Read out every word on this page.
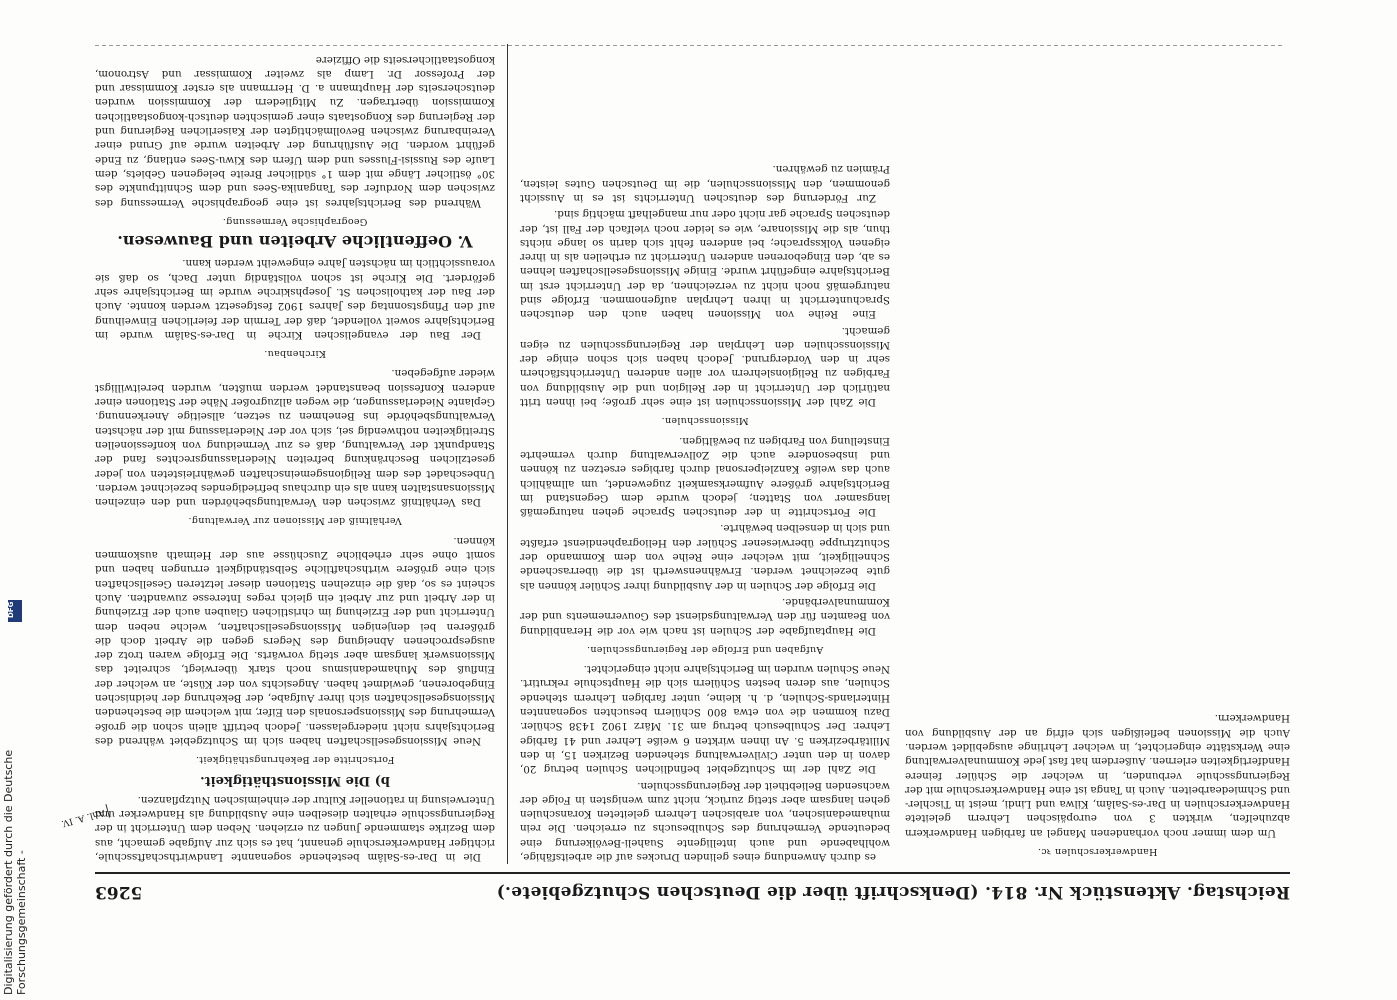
Reichstag. Aktenstück Nr. 814. (Denkschrift über die Deutschen Schutzgebiete.)
5263

Die in Dar-es-Salâm bestehende sogenannte Landwirthschaftsschule, richtiger Handwerkerschule genannt, hat es sich zur Aufgabe gemacht, aus dem Bezirke stammende Jungen zu erziehen. Neben dem Unterricht in der Regierungsschule erhalten dieselben eine Ausbildung als Handwerker und Unterweisung in rationeller Kultur der einheimischen Nutzpflanzen.

b) Die Missionsthätigkeit.
Fortschritte der Bekehrungsthätigkeit.

Neue Missionsgesellschaften haben sich im Schutzgebiet während des Berichtsjahrs nicht niedergelassen. Jedoch betrifft allein schon die große Vermehrung des Missionspersonals den Eifer, mit welchem die bestehenden Missionsgesellschaften sich ihrer Aufgabe, der Bekehrung der heidnischen Eingeborenen, gewidmet haben. Angesichts von der Küste, an welcher der Einfluß des Muhamedanismus noch stark überwiegt, schreitet das Missionswerk langsam aber stetig vorwärts. Die Erfolge waren trotz der ausgesprochenen Abneigung des Negers gegen die Arbeit doch die größeren bei denjenigen Missionsgesellschaften, welche neben dem Unterricht und der Erziehung im christlichen Glauben auch der Erziehung in der Arbeit und zur Arbeit ein gleich reges Interesse zuwandten. Auch scheint es so, daß die einzelnen Stationen dieser letzteren Gesellschaften sich eine größere wirthschaftliche Selbständigkeit errungen haben und somit ohne sehr erhebliche Zuschüsse aus der Heimath auskommen können.

Verhältniß der Missionen zur Verwaltung.

Das Verhältniß zwischen den Verwaltungsbehörden und den einzelnen Missionsanstalten kann als ein durchaus befriedigendes bezeichnet werden. Unbeschadet des dem Religionsgemeinschaften gewährleisteten von jeder gesetzlichen Beschränkung befreiten Niederlassungsrechtes fand der Standpunkt der Verwaltung, daß es zur Vermeidung von konfessionellen Streitigkeiten nothwendig sei, sich vor der Niederlassung mit der nächsten Verwaltungsbehörde ins Benehmen zu setzen, allseitige Anerkennung. Geplante Niederlassungen, die wegen allzugroßer Nähe der Stationen einer anderen Konfession beanstandet werden mußten, wurden bereitwilligst wieder aufgegeben.

Kirchenbau.

Der Bau der evangelischen Kirche in Dar-es-Salâm wurde im Berichtsjahre soweit vollendet, daß der Termin der feierlichen Einweihung auf den Pfingstsonntag des Jahres 1902 festgesetzt werden konnte. Auch der Bau der katholischen St. Josephskirche wurde im Berichtsjahre sehr gefördert. Die Kirche ist schon vollständig unter Dach, so daß sie voraussichtlich im nächsten Jahre eingeweiht werden kann.

V. Oeffentliche Arbeiten und Bauwesen.
Geographische Vermessung.

Während des Berichtsjahres ist eine geographische Vermessung des zwischen dem Nordufer des Tanganika-Sees und dem Schnittpunkte des 30° östlicher Länge mit dem 1° südlicher Breite belegenen Gebiets, dem Laufe des Russisi-Flusses und dem Ufern des Kiwu-Sees entlang, zu Ende geführt worden. Die Ausführung der Arbeiten wurde auf Grund einer Vereinbarung zwischen Bevollmächtigten der Kaiserlichen Regierung und der Regierung des Kongostaats einer gemischten deutsch-kongostaatlichen Kommission übertragen. Zu Mitgliedern der Kommission wurden deutscherseits der Hauptmann a. D. Herrmann als erster Kommissar und der Professor Dr. Lamp als zweiter Kommissar und Astronom, kongostaatlicherseits die Offiziere

Anl. A. IV.

es durch Anwendung eines gelinden Druckes auf die arbeitsfähige, wohlhabende und auch intelligente Suaheli-Bevölkerung eine bedeutende Vermehrung des Schulbesuchs zu erreichen. Die rein muhamedanischen, von arabischen Lehrern geleiteten Koranschulen gehen langsam aber stetig zurück, nicht zum wenigsten in Folge der wachsenden Beliebtheit der Regierungsschulen.

Die Zahl der im Schutzgebiet befindlichen Schulen betrug 20, davon in den unter Civilverwaltung stehenden Bezirken 15, in den Militärbezirken 5. An ihnen wirkten 6 weiße Lehrer und 41 farbige Lehrer. Der Schulbesuch betrug am 31. März 1902 1438 Schüler. Dazu kommen die von etwa 800 Schülern besuchten sogenannten Hinterlands-Schulen, d. h. kleine, unter farbigen Lehrern stehende Schulen, aus deren besten Schülern sich die Hauptschule rekrutirt. Neue Schulen wurden im Berichtsjahre nicht eingerichtet.

Aufgaben und Erfolge der Regierungsschulen.

Die Hauptaufgabe der Schulen ist nach wie vor die Heranbildung von Beamten für den Verwaltungsdienst des Gouvernements und der Kommunalverbände.

Die Erfolge der Schulen in der Ausbildung ihrer Schüler können als gute bezeichnet werden. Erwähnenswerth ist die überraschende Schnelligkeit, mit welcher eine Reihe von dem Kommando der Schutztruppe überwiesener Schüler den Heliographendienst erfaßte und sich in denselben bewährte.

Die Fortschritte in der deutschen Sprache gehen naturgemäß langsamer von Statten; jedoch wurde dem Gegenstand im Berichtsjahre größere Aufmerksamkeit zugewendet, um allmählich auch das weiße Kanzleipersonal durch farbiges ersetzen zu können und insbesondere auch die Zollverwaltung durch vermehrte Einstellung von Farbigen zu bewältigen.

Missionsschulen.

Die Zahl der Missionsschulen ist eine sehr große; bei ihnen tritt natürlich der Unterricht in der Religion und die Ausbildung von Farbigen zu Religionslehrern vor allen anderen Unterrichtsfächern sehr in den Vordergrund. Jedoch haben sich schon einige der Missionsschulen den Lehrplan der Regierungsschulen zu eigen gemacht.

Eine Reihe von Missionen haben auch den deutschen Sprachunterricht in ihren Lehrplan aufgenommen. Erfolge sind naturgemäß noch nicht zu verzeichnen, da der Unterricht erst im Berichtsjahre eingeführt wurde. Einige Missionsgesellschaften lehnen es ab, den Eingeborenen anderen Unterricht zu ertheilen als in ihrer eigenen Volkssprache; bei anderen fehlt sich darin so lange nichts thun, als die Missionare, wie es leider noch vielfach der Fall ist, der deutschen Sprache gar nicht oder nur mangelhaft mächtig sind.

Zur Förderung des deutschen Unterrichts ist es in Aussicht genommen, den Missionsschulen, die im Deutschen Gutes leisten, Prämien zu gewähren.

Handwerkerschulen ꝛc.

Um dem immer noch vorhandenen Mangel an farbigen Handwerkern abzuhelfen, wirkten 3 von europäischen Lehrern geleitete Handwerkerschulen in Dar-es-Salâm, Kilwa und Lindi, meist in Tischler- und Schmiedearbeiten. Auch in Tanga ist eine Handwerkerschule mit der Regierungsschule verbunden, in welcher die Schüler feinere Handfertigkeiten erlernen. Außerdem hat fast jede Kommunalverwaltung eine Werkstätte eingerichtet, in welcher Lehrlinge ausgebildet werden. Auch die Missionen befleißigen sich eifrig an der Ausbildung von Handwerkern.

Digitalisierung gefördert durch die Deutsche Forschungsgemeinschaft -
DFG
